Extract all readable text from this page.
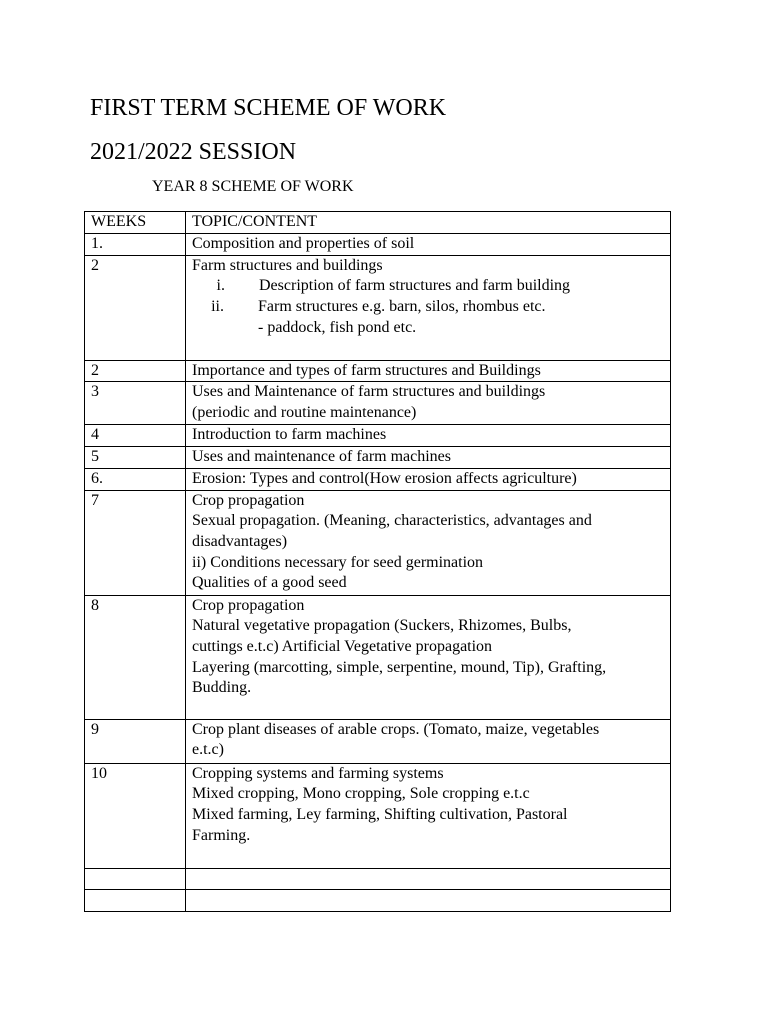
FIRST TERM SCHEME OF WORK
2021/2022 SESSION
YEAR 8 SCHEME OF WORK
WEEKS	TOPIC/CONTENT
1.	Composition and properties of soil

2	Farm structures and buildings
i. Description of farm structures and farm building
ii. Farm structures e.g. barn, silos, rhombus etc.
- paddock, fish pond etc.

2	Importance and types of farm structures and Buildings

3	Uses and Maintenance of farm structures and buildings
(periodic and routine maintenance)

4	Introduction to farm machines

5	Uses and maintenance of farm machines

6.	Erosion: Types and control(How erosion affects agriculture)

7	Crop propagation
Sexual propagation. (Meaning, characteristics, advantages and
disadvantages)
ii) Conditions necessary for seed germination
Qualities of a good seed

8	Crop propagation
Natural vegetative propagation (Suckers, Rhizomes, Bulbs,
cuttings e.t.c) Artificial Vegetative propagation
Layering (marcotting, simple, serpentine, mound, Tip), Grafting,
Budding.

9	Crop plant diseases of arable crops. (Tomato, maize, vegetables
e.t.c)

10	Cropping systems and farming systems
Mixed cropping, Mono cropping, Sole cropping e.t.c
Mixed farming, Ley farming, Shifting cultivation, Pastoral
Farming.
